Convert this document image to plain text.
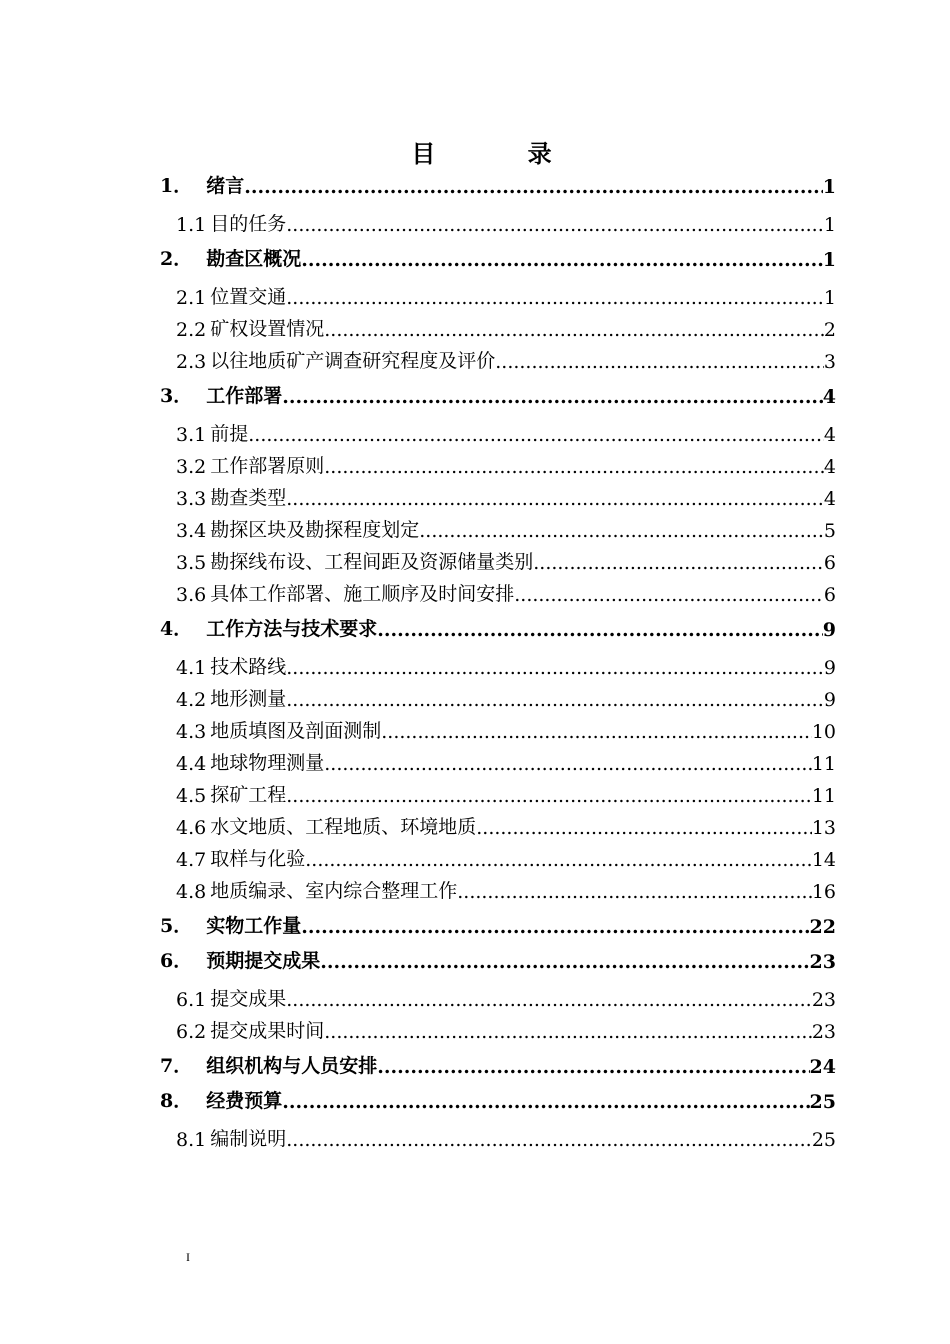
目 录
1． 绪言 .....	1
1.1 目的任务 .....	1
2． 勘查区概况 .....	1
2.1 位置交通 .....	1
2.2 矿权设置情况 .....	2
2.3 以往地质矿产调查研究程度及评价 .....	3
3． 工作部署 .....	4
3.1 前提 .....	4
3.2 工作部署原则 .....	4
3.3 勘查类型 .....	4
3.4 勘探区块及勘探程度划定 .....	5
3.5 勘探线布设、工程间距及资源储量类别 .....	6
3.6 具体工作部署、施工顺序及时间安排 .....	6
4． 工作方法与技术要求 .....	9
4.1 技术路线 .....	9
4.2 地形测量 .....	9
4.3 地质填图及剖面测制 .....	10
4.4 地球物理测量 .....	11
4.5 探矿工程 .....	11
4.6 水文地质、工程地质、环境地质 .....	13
4.7 取样与化验 .....	14
4.8 地质编录、室内综合整理工作 .....	16
5． 实物工作量 .....	22
6． 预期提交成果 .....	23
6.1 提交成果 .....	23
6.2 提交成果时间 .....	23
7． 组织机构与人员安排 .....	24
8． 经费预算 .....	25
8.1 编制说明 .....	25
I
